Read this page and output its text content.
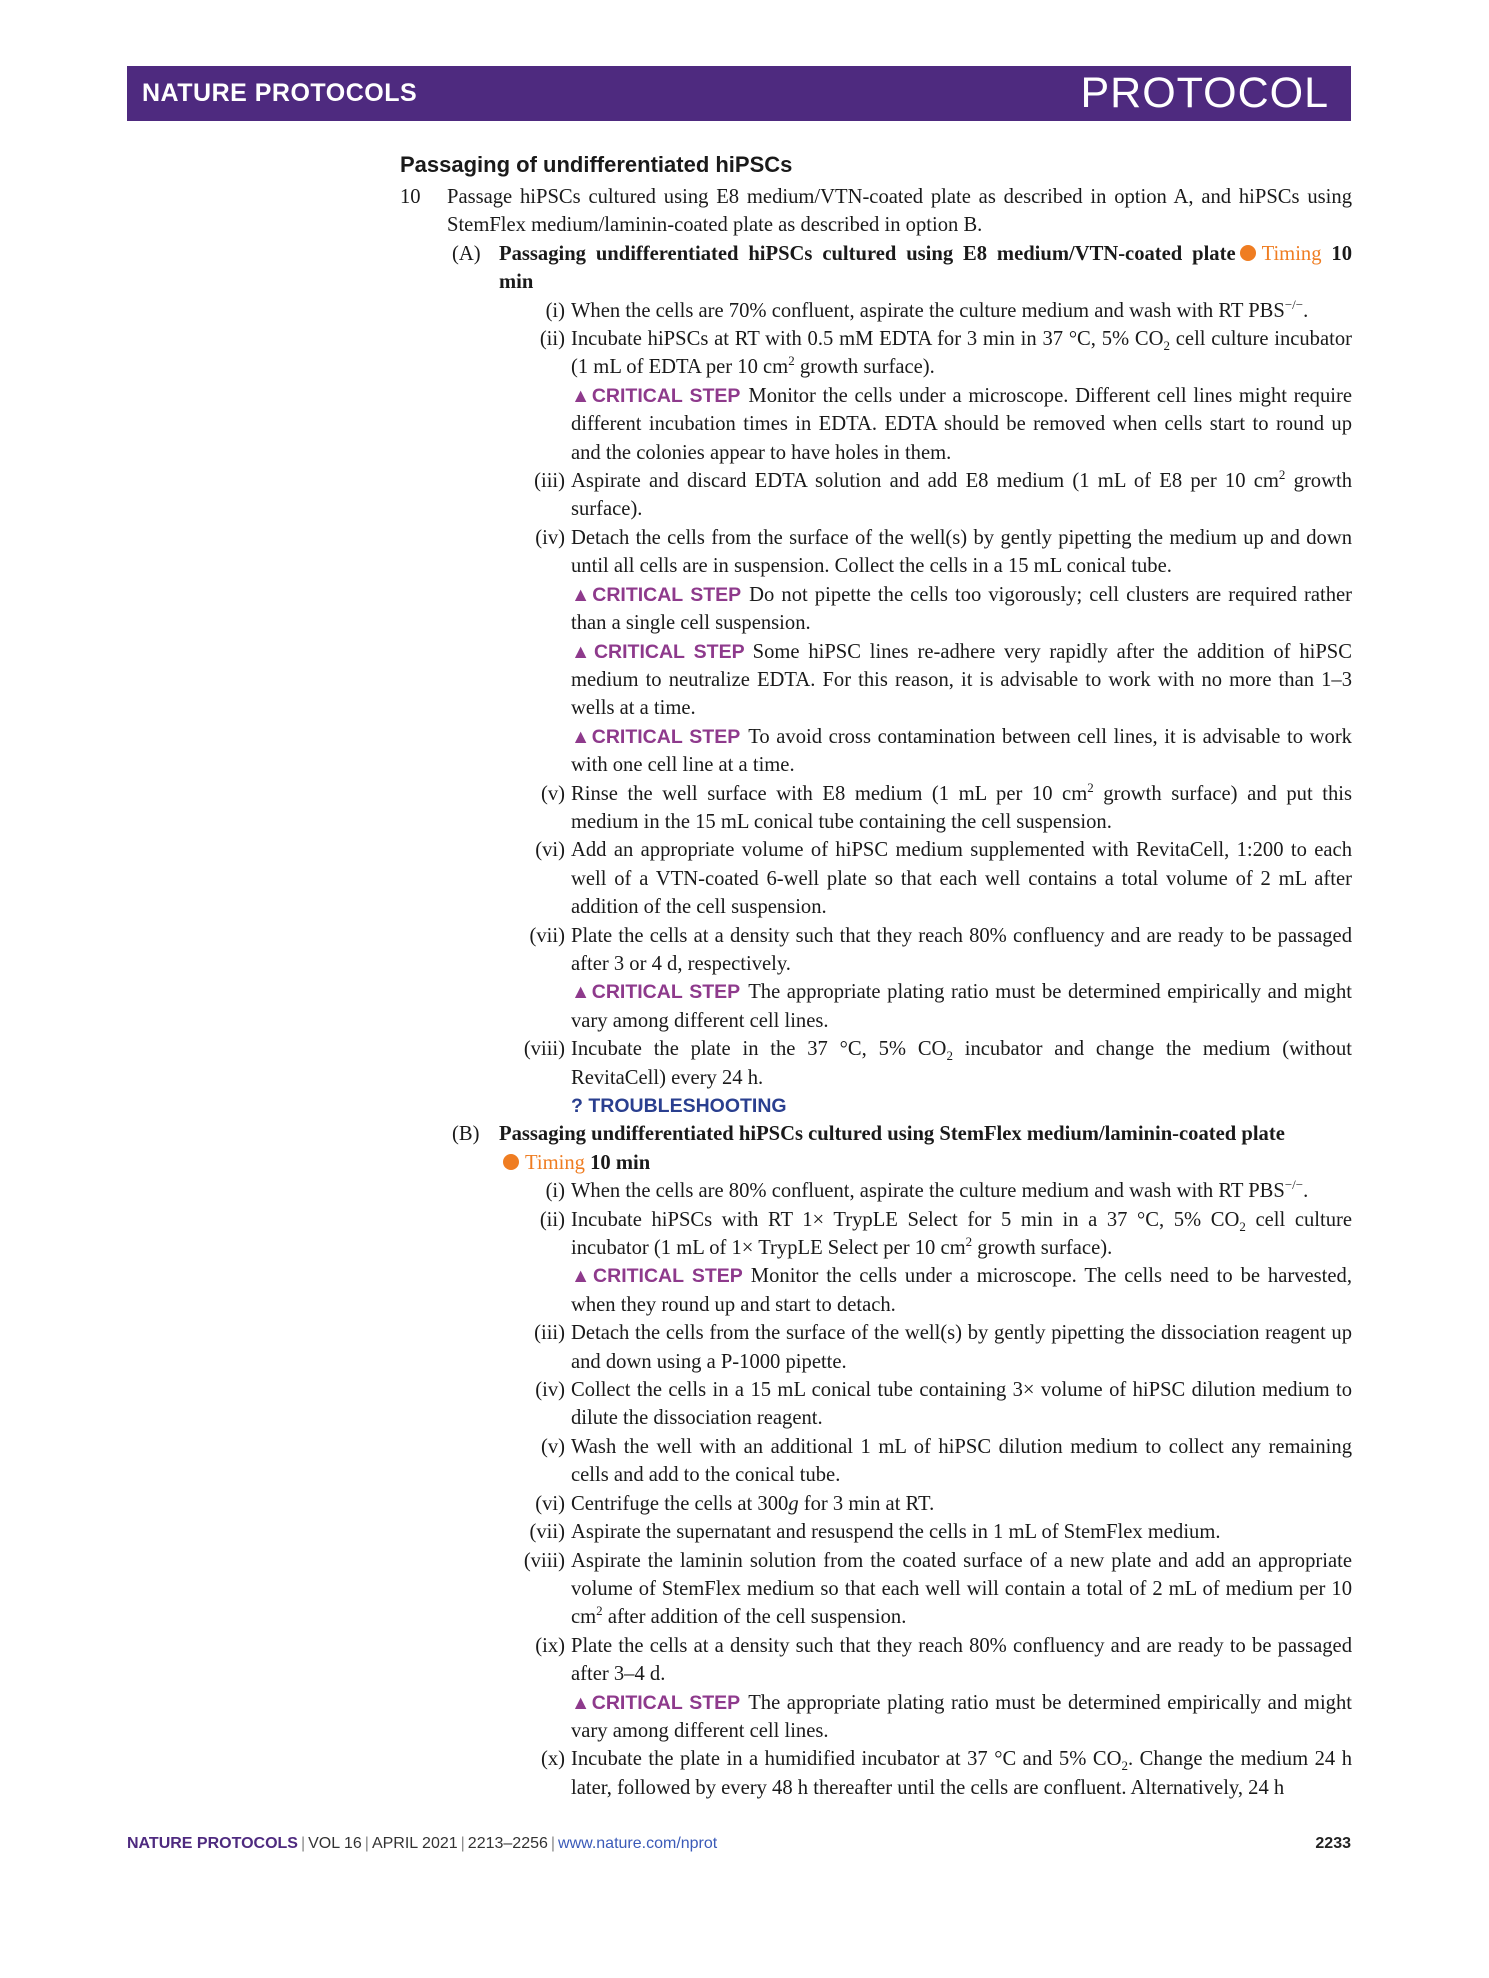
NATURE PROTOCOLS	PROTOCOL
Passaging of undifferentiated hiPSCs
10 Passage hiPSCs cultured using E8 medium/VTN-coated plate as described in option A, and hiPSCs using StemFlex medium/laminin-coated plate as described in option B.
(A) Passaging undifferentiated hiPSCs cultured using E8 medium/VTN-coated plate Timing 10 min
(i) When the cells are 70% confluent, aspirate the culture medium and wash with RT PBS−/−.
(ii) Incubate hiPSCs at RT with 0.5 mM EDTA for 3 min in 37 °C, 5% $CO_2$ cell culture incubator (1 mL of EDTA per 10 $cm^2$ growth surface).
▲CRITICAL STEP Monitor the cells under a microscope. Different cell lines might require different incubation times in EDTA. EDTA should be removed when cells start to round up and the colonies appear to have holes in them.
(iii) Aspirate and discard EDTA solution and add E8 medium (1 mL of E8 per 10 $cm^2$ growth surface).
(iv) Detach the cells from the surface of the well(s) by gently pipetting the medium up and down until all cells are in suspension. Collect the cells in a 15 mL conical tube.
▲CRITICAL STEP Do not pipette the cells too vigorously; cell clusters are required rather than a single cell suspension.
▲CRITICAL STEP Some hiPSC lines re-adhere very rapidly after the addition of hiPSC medium to neutralize EDTA. For this reason, it is advisable to work with no more than 1–3 wells at a time.
▲CRITICAL STEP To avoid cross contamination between cell lines, it is advisable to work with one cell line at a time.
(v) Rinse the well surface with E8 medium (1 mL per 10 $cm^2$ growth surface) and put this medium in the 15 mL conical tube containing the cell suspension.
(vi) Add an appropriate volume of hiPSC medium supplemented with RevitaCell, 1:200 to each well of a VTN-coated 6-well plate so that each well contains a total volume of 2 mL after addition of the cell suspension.
(vii) Plate the cells at a density such that they reach 80% confluency and are ready to be passaged after 3 or 4 d, respectively.
▲CRITICAL STEP The appropriate plating ratio must be determined empirically and might vary among different cell lines.
(viii) Incubate the plate in the 37 °C, 5% $CO_2$ incubator and change the medium (without RevitaCell) every 24 h.
? TROUBLESHOOTING
(B) Passaging undifferentiated hiPSCs cultured using StemFlex medium/laminin-coated plate
Timing 10 min
(i) When the cells are 80% confluent, aspirate the culture medium and wash with RT PBS−/−.
(ii) Incubate hiPSCs with RT 1× TrypLE Select for 5 min in a 37 °C, 5% $CO_2$ cell culture incubator (1 mL of 1× TrypLE Select per 10 $cm^2$ growth surface).
▲CRITICAL STEP Monitor the cells under a microscope. The cells need to be harvested, when they round up and start to detach.
(iii) Detach the cells from the surface of the well(s) by gently pipetting the dissociation reagent up and down using a P-1000 pipette.
(iv) Collect the cells in a 15 mL conical tube containing 3× volume of hiPSC dilution medium to dilute the dissociation reagent.
(v) Wash the well with an additional 1 mL of hiPSC dilution medium to collect any remaining cells and add to the conical tube.
(vi) Centrifuge the cells at 300g for 3 min at RT.
(vii) Aspirate the supernatant and resuspend the cells in 1 mL of StemFlex medium.
(viii) Aspirate the laminin solution from the coated surface of a new plate and add an appropriate volume of StemFlex medium so that each well will contain a total of 2 mL of medium per 10 $cm^2$ after addition of the cell suspension.
(ix) Plate the cells at a density such that they reach 80% confluency and are ready to be passaged after 3–4 d.
▲CRITICAL STEP The appropriate plating ratio must be determined empirically and might vary among different cell lines.
(x) Incubate the plate in a humidified incubator at 37 °C and 5% $CO_2$. Change the medium 24 h later, followed by every 48 h thereafter until the cells are confluent. Alternatively, 24 h
NATURE PROTOCOLS | VOL 16 | APRIL 2021 | 2213–2256 | www.nature.com/nprot	2233
